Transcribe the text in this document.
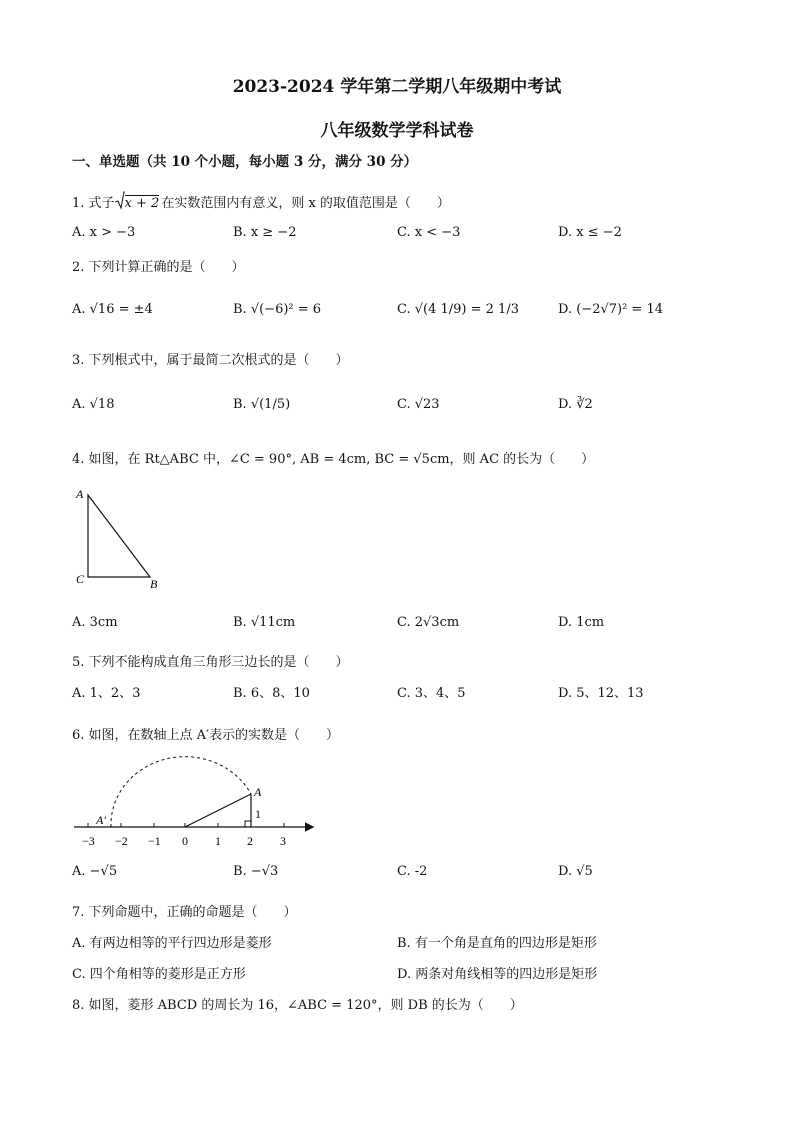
2023-2024 学年第二学期八年级期中考试
八年级数学学科试卷
一、单选题（共 10 个小题，每小题 3 分，满分 30 分）
1. 式子 x + 2 在实数范围内有意义，则 x 的取值范围是（　　）
A. x > −3	B. x ≥ −2	C. x < −3	D. x ≤ −2
2. 下列计算正确的是（　　）
A. √16 = ±4	B. √(−6)² = 6	C. √(4 1/9) = 2 1/3	D. (−2√7)² = 14
3. 下列根式中，属于最简二次根式的是（　　）
A. √18	B. √(1/5)	C. √23	D. ∛2
4. 如图，在 Rt△ABC 中，∠C = 90°, AB = 4cm, BC = √5cm，则 AC 的长为（　　）
A
C	B
A. 3cm	B. √11cm	C. 2√3cm	D. 1cm
5. 下列不能构成直角三角形三边长的是（　　）
A. 1、2、3	B. 6、8、10	C. 3、4、5	D. 5、12、13
6. 如图，在数轴上点 A′表示的实数是（　　）
−3 −2 −1 0 1 2 3
A
1
A′
A. −√5	B. −√3	C. -2	D. √5
7. 下列命题中，正确的命题是（　　）
A. 有两边相等的平行四边形是菱形	B. 有一个角是直角的四边形是矩形
C. 四个角相等的菱形是正方形	D. 两条对角线相等的四边形是矩形
8. 如图，菱形 ABCD 的周长为 16，∠ABC = 120°，则 DB 的长为（　　）
